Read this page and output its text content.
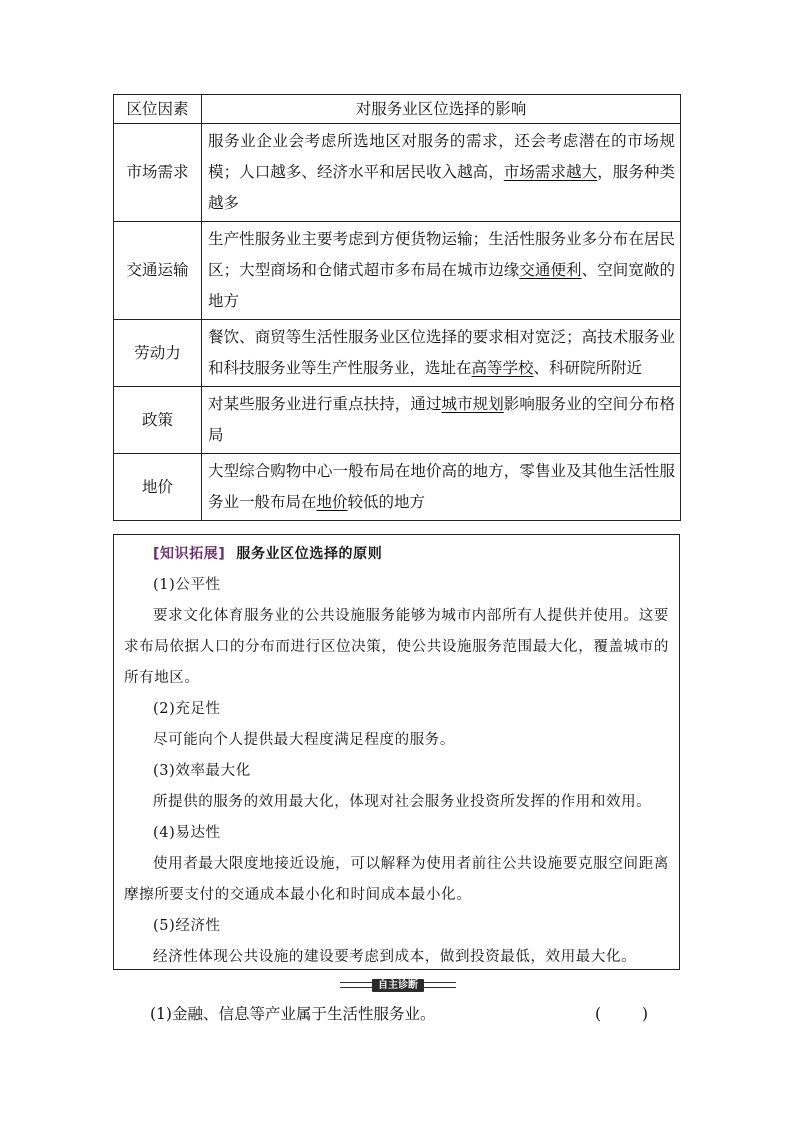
区位因素	对服务业区位选择的影响
市场需求	服务业企业会考虑所选地区对服务的需求，还会考虑潜在的市场规模；人口越多、经济水平和居民收入越高，市场需求越大，服务种类越多
交通运输	生产性服务业主要考虑到方便货物运输；生活性服务业多分布在居民区；大型商场和仓储式超市多布局在城市边缘交通便利、空间宽敞的地方
劳动力	餐饮、商贸等生活性服务业区位选择的要求相对宽泛；高技术服务业和科技服务业等生产性服务业，选址在高等学校、科研院所附近
政策	对某些服务业进行重点扶持，通过城市规划影响服务业的空间分布格局
地价	大型综合购物中心一般布局在地价高的地方，零售业及其他生活性服务业一般布局在地价较低的地方

[知识拓展] 服务业区位选择的原则

(1)公平性

要求文化体育服务业的公共设施服务能够为城市内部所有人提供并使用。这要求布局依据人口的分布而进行区位决策，使公共设施服务范围最大化，覆盖城市的所有地区。

(2)充足性

尽可能向个人提供最大程度满足程度的服务。

(3)效率最大化

所提供的服务的效用最大化，体现对社会服务业投资所发挥的作用和效用。

(4)易达性

使用者最大限度地接近设施，可以解释为使用者前往公共设施要克服空间距离摩擦所要支付的交通成本最小化和时间成本最小化。

(5)经济性

经济性体现公共设施的建设要考虑到成本，做到投资最低，效用最大化。

自主诊断
(1)金融、信息等产业属于生活性服务业。	( )
